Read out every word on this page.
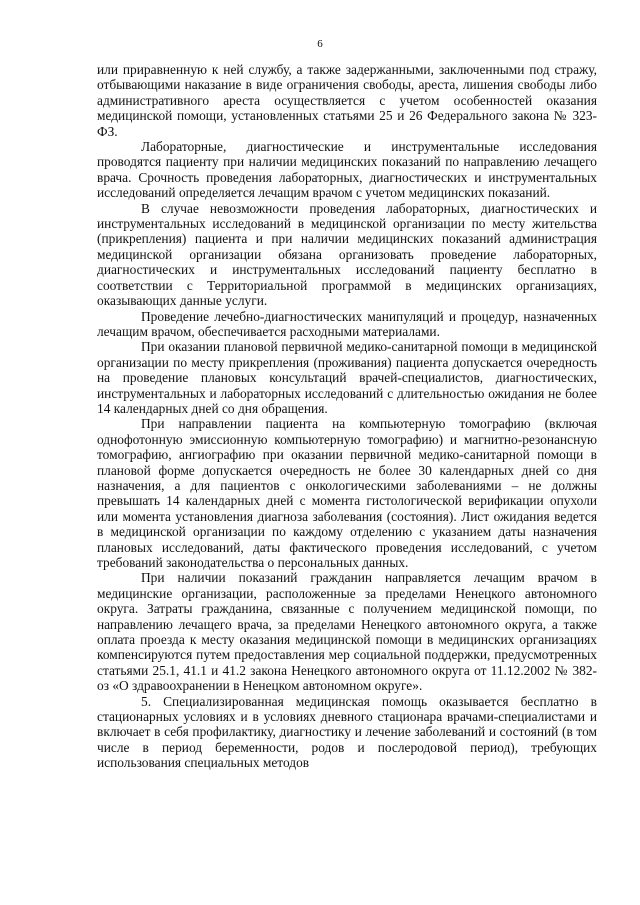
6

или приравненную к ней службу, а также задержанными, заключенными под стражу, отбывающими наказание в виде ограничения свободы, ареста, лишения свободы либо административного ареста осуществляется с учетом особенностей оказания медицинской помощи, установленных статьями 25 и 26 Федерального закона № 323-ФЗ.

Лабораторные, диагностические и инструментальные исследования проводятся пациенту при наличии медицинских показаний по направлению лечащего врача. Срочность проведения лабораторных, диагностических и инструментальных исследований определяется лечащим врачом с учетом медицинских показаний.

В случае невозможности проведения лабораторных, диагностических и инструментальных исследований в медицинской организации по месту жительства (прикрепления) пациента и при наличии медицинских показаний администрация медицинской организации обязана организовать проведение лабораторных, диагностических и инструментальных исследований пациенту бесплатно в соответствии с Территориальной программой в медицинских организациях, оказывающих данные услуги.

Проведение лечебно-диагностических манипуляций и процедур, назначенных лечащим врачом, обеспечивается расходными материалами.

При оказании плановой первичной медико-санитарной помощи в медицинской организации по месту прикрепления (проживания) пациента допускается очередность на проведение плановых консультаций врачей-специалистов, диагностических, инструментальных и лабораторных исследований с длительностью ожидания не более 14 календарных дней со дня обращения.

При направлении пациента на компьютерную томографию (включая однофотонную эмиссионную компьютерную томографию) и магнитно-резонансную томографию, ангиографию при оказании первичной медико-санитарной помощи в плановой форме допускается очередность не более 30 календарных дней со дня назначения, а для пациентов с онкологическими заболеваниями – не должны превышать 14 календарных дней с момента гистологической верификации опухоли или момента установления диагноза заболевания (состояния). Лист ожидания ведется в медицинской организации по каждому отделению с указанием даты назначения плановых исследований, даты фактического проведения исследований, с учетом требований законодательства о персональных данных.

При наличии показаний гражданин направляется лечащим врачом в медицинские организации, расположенные за пределами Ненецкого автономного округа. Затраты гражданина, связанные с получением медицинской помощи, по направлению лечащего врача, за пределами Ненецкого автономного округа, а также оплата проезда к месту оказания медицинской помощи в медицинских организациях компенсируются путем предоставления мер социальной поддержки, предусмотренных статьями 25.1, 41.1 и 41.2 закона Ненецкого автономного округа от 11.12.2002 № 382-оз «О здравоохранении в Ненецком автономном округе».

5. Специализированная медицинская помощь оказывается бесплатно в стационарных условиях и в условиях дневного стационара врачами-специалистами и включает в себя профилактику, диагностику и лечение заболеваний и состояний (в том числе в период беременности, родов и послеродовой период), требующих использования специальных методов
